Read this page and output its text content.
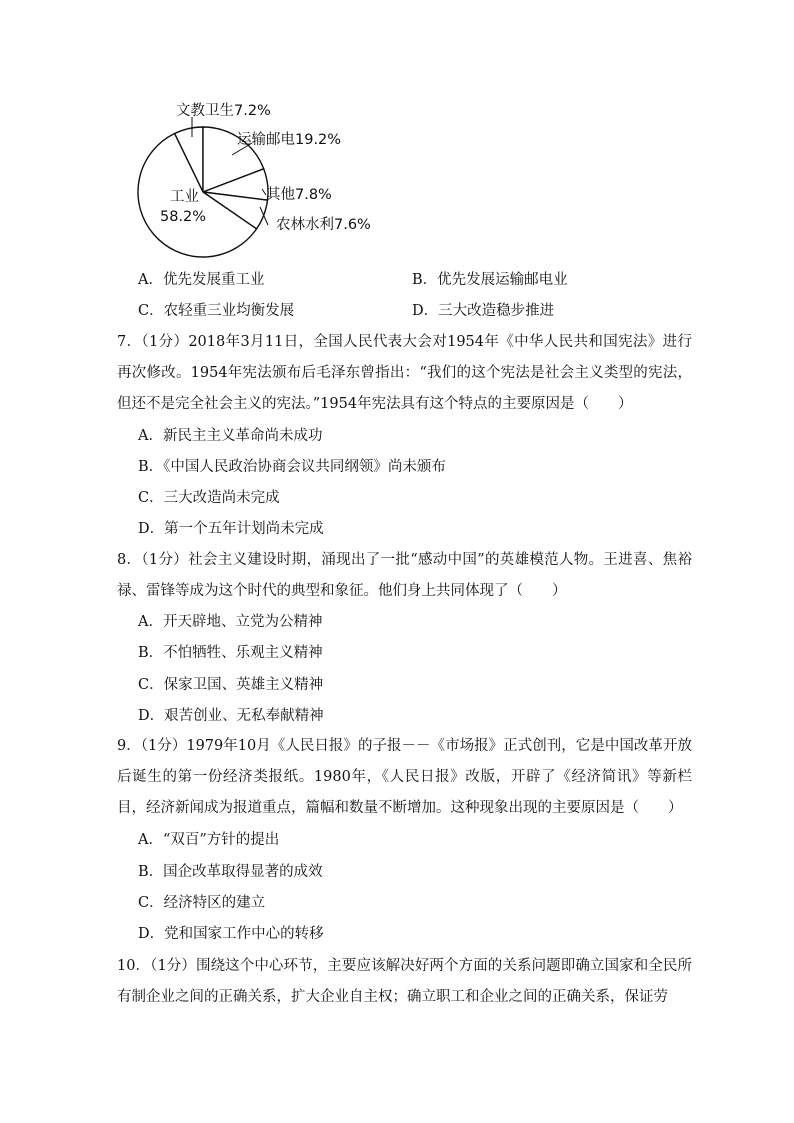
文教卫生7.2%
运输邮电19.2%
其他7.8%
农林水利7.6%
工业
58.2%
A．优先发展重工业	B．优先发展运输邮电业
C．农轻重三业均衡发展	D．三大改造稳步推进

7．（1分）2018年3月11日，全国人民代表大会对1954年《中华人民共和国宪法》进行再次修改。1954年宪法颁布后毛泽东曾指出：“我们的这个宪法是社会主义类型的宪法，但还不是完全社会主义的宪法。”1954年宪法具有这个特点的主要原因是（　　）

A．新民主主义革命尚未成功
B．《中国人民政治协商会议共同纲领》尚未颁布
C．三大改造尚未完成
D．第一个五年计划尚未完成

8．（1分）社会主义建设时期，涌现出了一批“感动中国”的英雄模范人物。王进喜、焦裕禄、雷锋等成为这个时代的典型和象征。他们身上共同体现了（　　）

A．开天辟地、立党为公精神
B．不怕牺牲、乐观主义精神
C．保家卫国、英雄主义精神
D．艰苦创业、无私奉献精神

9．（1分）1979年10月《人民日报》的子报－－《市场报》正式创刊，它是中国改革开放后诞生的第一份经济类报纸。1980年，《人民日报》改版，开辟了《经济简讯》等新栏目，经济新闻成为报道重点，篇幅和数量不断增加。这种现象出现的主要原因是（　　）

A．“双百”方针的提出
B．国企改革取得显著的成效
C．经济特区的建立
D．党和国家工作中心的转移

10．（1分）围绕这个中心环节，主要应该解决好两个方面的关系问题即确立国家和全民所有制企业之间的正确关系，扩大企业自主权；确立职工和企业之间的正确关系，保证劳
